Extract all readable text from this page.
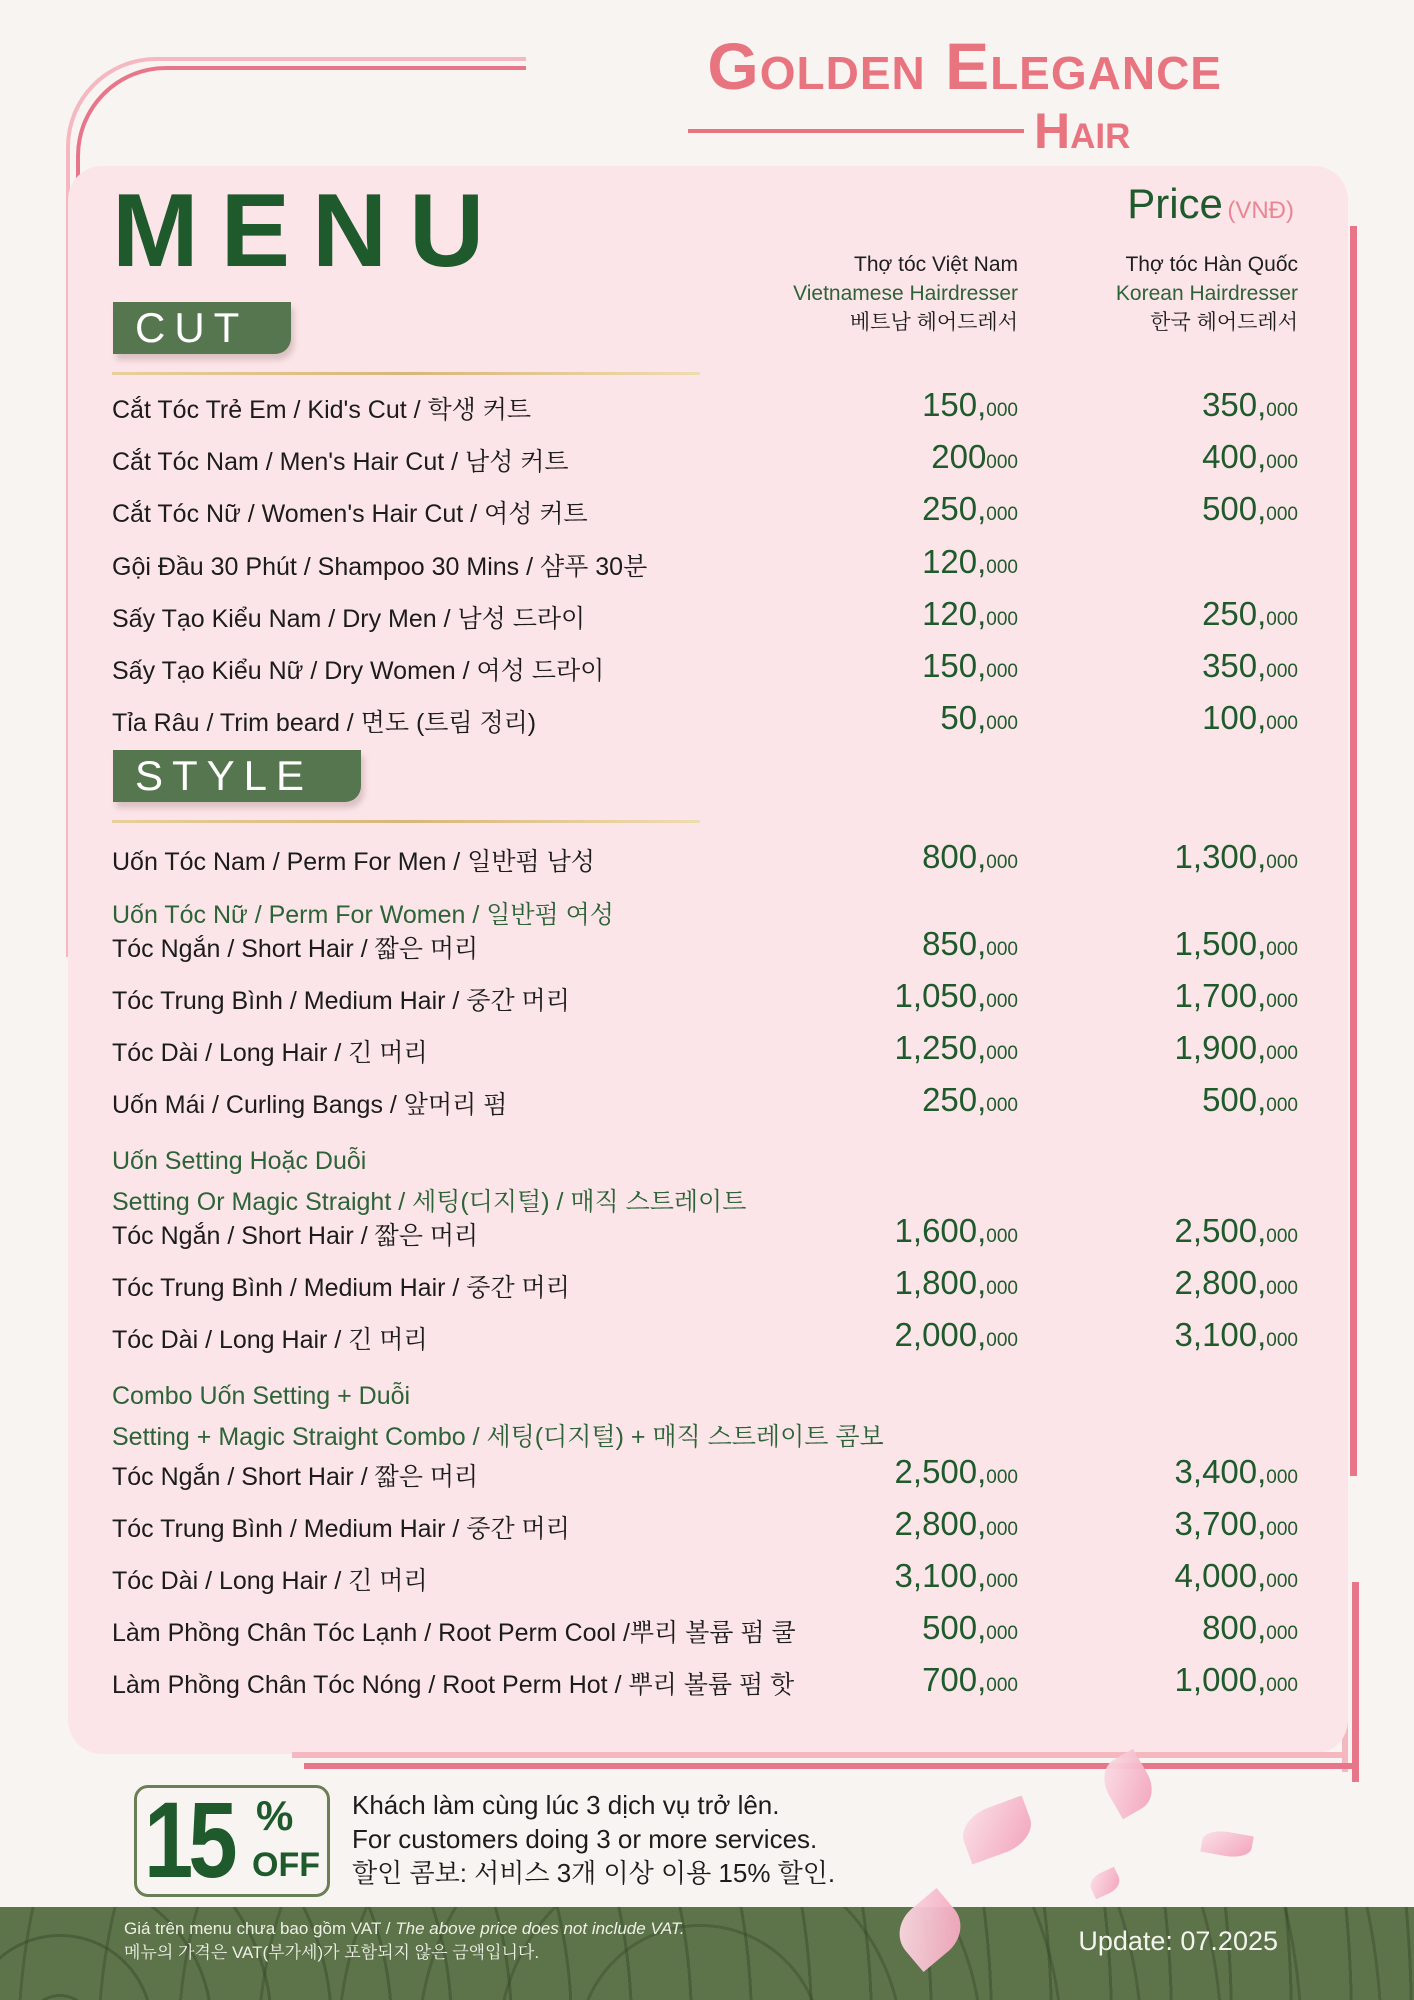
Golden Elegance
Hair
MENU	Price (VNĐ)
Thợ tóc Việt Nam
Vietnamese Hairdresser
베트남 헤어드레서
Thợ tóc Hàn Quốc
Korean Hairdresser
한국 헤어드레서
CUT
Cắt Tóc Trẻ Em / Kid's Cut / 학생 커트	150,000	350,000
Cắt Tóc Nam / Men's Hair Cut / 남성 커트	200000	400,000
Cắt Tóc Nữ / Women's Hair Cut / 여성 커트	250,000	500,000
Gội Đầu 30 Phút / Shampoo 30 Mins / 샴푸 30분	120,000
Sấy Tạo Kiểu Nam / Dry Men / 남성 드라이	120,000	250,000
Sấy Tạo Kiểu Nữ / Dry Women / 여성 드라이	150,000	350,000
Tỉa Râu / Trim beard / 면도 (트림 정리)	50,000	100,000
STYLE
Uốn Tóc Nam / Perm For Men / 일반펌 남성	800,000	1,300,000
Uốn Tóc Nữ / Perm For Women / 일반펌 여성
Tóc Ngắn / Short Hair / 짧은 머리	850,000	1,500,000
Tóc Trung Bình / Medium Hair / 중간 머리	1,050,000	1,700,000
Tóc Dài / Long Hair / 긴 머리	1,250,000	1,900,000
Uốn Mái / Curling Bangs / 앞머리 펌	250,000	500,000
Uốn Setting Hoặc Duỗi
Setting Or Magic Straight / 세팅(디지털) / 매직 스트레이트
Tóc Ngắn / Short Hair / 짧은 머리	1,600,000	2,500,000
Tóc Trung Bình / Medium Hair / 중간 머리	1,800,000	2,800,000
Tóc Dài / Long Hair / 긴 머리	2,000,000	3,100,000
Combo Uốn Setting + Duỗi
Setting + Magic Straight Combo / 세팅(디지털) + 매직 스트레이트 콤보
Tóc Ngắn / Short Hair / 짧은 머리	2,500,000	3,400,000
Tóc Trung Bình / Medium Hair / 중간 머리	2,800,000	3,700,000
Tóc Dài / Long Hair / 긴 머리	3,100,000	4,000,000
Làm Phồng Chân Tóc Lạnh / Root Perm Cool /뿌리 볼륨 펌 쿨	500,000	800,000
Làm Phồng Chân Tóc Nóng / Root Perm Hot / 뿌리 볼륨 펌 핫	700,000	1,000,000
15 %
OFF
Khách làm cùng lúc 3 dịch vụ trở lên.
For customers doing 3 or more services.
할인 콤보: 서비스 3개 이상 이용 15% 할인.
Giá trên menu chưa bao gồm VAT / The above price does not include VAT.
메뉴의 가격은 VAT(부가세)가 포함되지 않은 금액입니다.	Update: 07.2025
